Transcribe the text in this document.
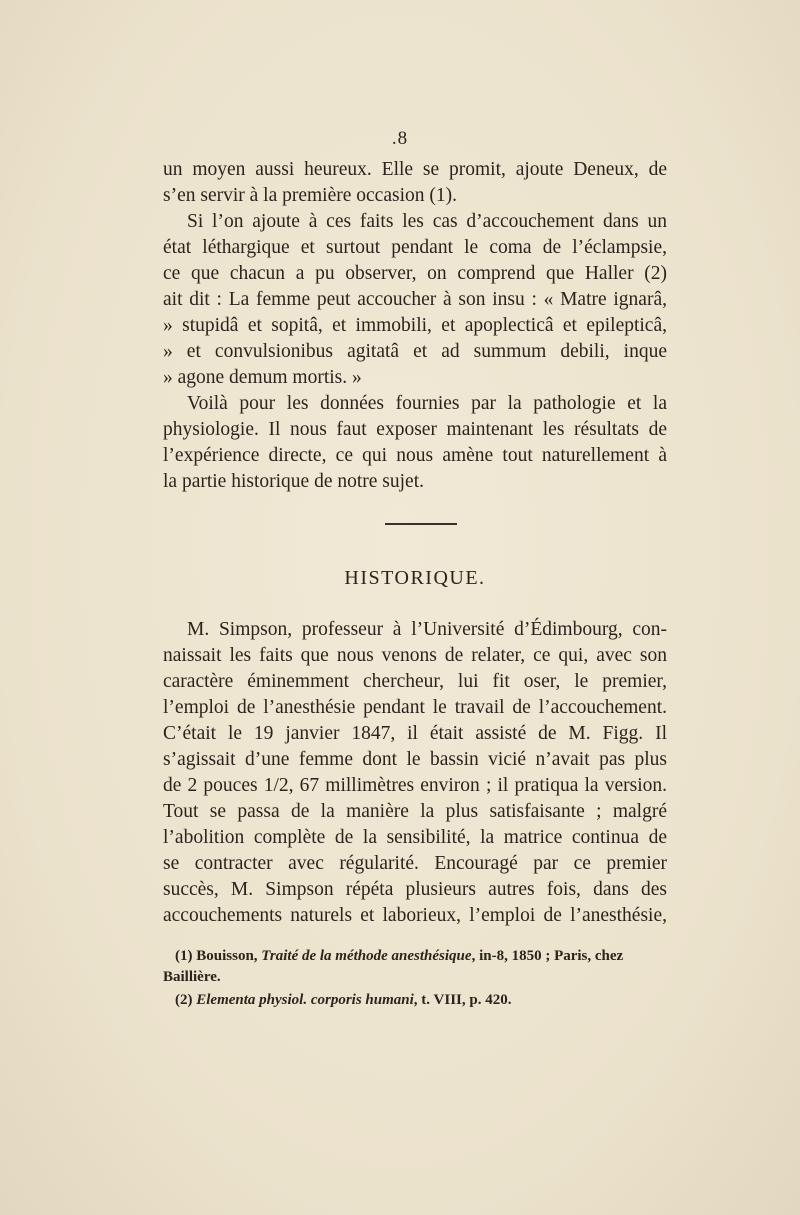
.8

un moyen aussi heureux. Elle se promit, ajoute Deneux, de

s’en servir à la première occasion (1).

Si l’on ajoute à ces faits les cas d’accouchement dans un

état léthargique et surtout pendant le coma de l’éclampsie,

ce que chacun a pu observer, on comprend que Haller (2)

ait dit : La femme peut accoucher à son insu : « Matre ignarâ,

» stupidâ et sopitâ, et immobili, et apoplecticâ et epilepticâ,

» et convulsionibus agitatâ et ad summum debili, inque

» agone demum mortis. »

Voilà pour les données fournies par la pathologie et la

physiologie. Il nous faut exposer maintenant les résultats de

l’expérience directe, ce qui nous amène tout naturellement à

la partie historique de notre sujet.

HISTORIQUE.

M. Simpson, professeur à l’Université d’Édimbourg, con-

naissait les faits que nous venons de relater, ce qui, avec son

caractère éminemment chercheur, lui fit oser, le premier,

l’emploi de l’anesthésie pendant le travail de l’accouchement.

C’était le 19 janvier 1847, il était assisté de M. Figg. Il

s’agissait d’une femme dont le bassin vicié n’avait pas plus

de 2 pouces 1/2, 67 millimètres environ ; il pratiqua la version.

Tout se passa de la manière la plus satisfaisante ; malgré

l’abolition complète de la sensibilité, la matrice continua de

se contracter avec régularité. Encouragé par ce premier

succès, M. Simpson répéta plusieurs autres fois, dans des

accouchements naturels et laborieux, l’emploi de l’anesthésie,

(1) Bouisson, Traité de la méthode anesthésique, in-8, 1850 ; Paris, chez
Baillière.

(2) Elementa physiol. corporis humani, t. VIII, p. 420.
